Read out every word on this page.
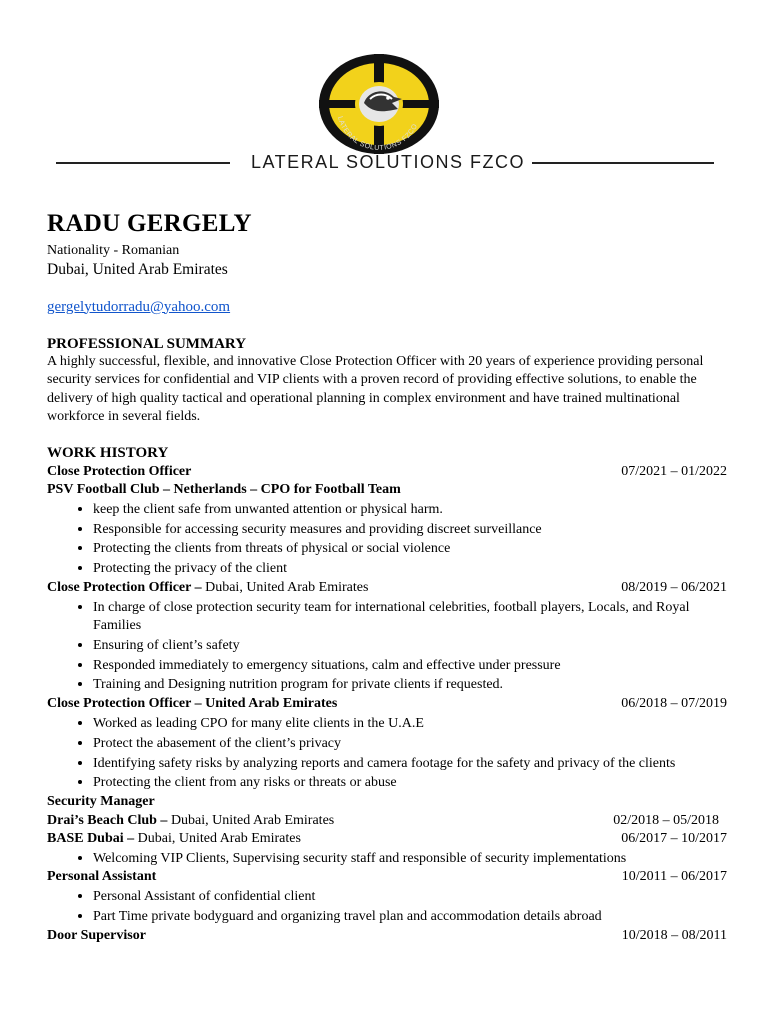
LATERAL SOLUTIONS FZCO
LATERAL SOLUTIONS FZCO
RADU GERGELY
Nationality - Romanian
Dubai, United Arab Emirates
gergelytudorradu@yahoo.com
PROFESSIONAL SUMMARY

A highly successful, flexible, and innovative Close Protection Officer with 20 years of experience providing personal security services for confidential and VIP clients with a proven record of providing effective solutions, to enable the delivery of high quality tactical and operational planning in complex environment and have trained multinational workforce in several fields.

WORK HISTORY
Close Protection Officer	07/2021 – 01/2022
PSV Football Club – Netherlands – CPO for Football Team
• keep the client safe from unwanted attention or physical harm.
• Responsible for accessing security measures and providing discreet surveillance
• Protecting the clients from threats of physical or social violence
• Protecting the privacy of the client
Close Protection Officer – Dubai, United Arab Emirates	08/2019 – 06/2021
• In charge of close protection security team for international celebrities, football players, Locals, and Royal Families
• Ensuring of client’s safety
• Responded immediately to emergency situations, calm and effective under pressure
• Training and Designing nutrition program for private clients if requested.
Close Protection Officer – United Arab Emirates	06/2018 – 07/2019
• Worked as leading CPO for many elite clients in the U.A.E
• Protect the abasement of the client’s privacy
• Identifying safety risks by analyzing reports and camera footage for the safety and privacy of the clients
• Protecting the client from any risks or threats or abuse
Security Manager
Drai’s Beach Club – Dubai, United Arab Emirates	02/2018 – 05/2018
BASE Dubai – Dubai, United Arab Emirates	06/2017 – 10/2017
• Welcoming VIP Clients, Supervising security staff and responsible of security implementations
Personal Assistant	10/2011 – 06/2017
• Personal Assistant of confidential client
• Part Time private bodyguard and organizing travel plan and accommodation details abroad
Door Supervisor	10/2018 – 08/2011
